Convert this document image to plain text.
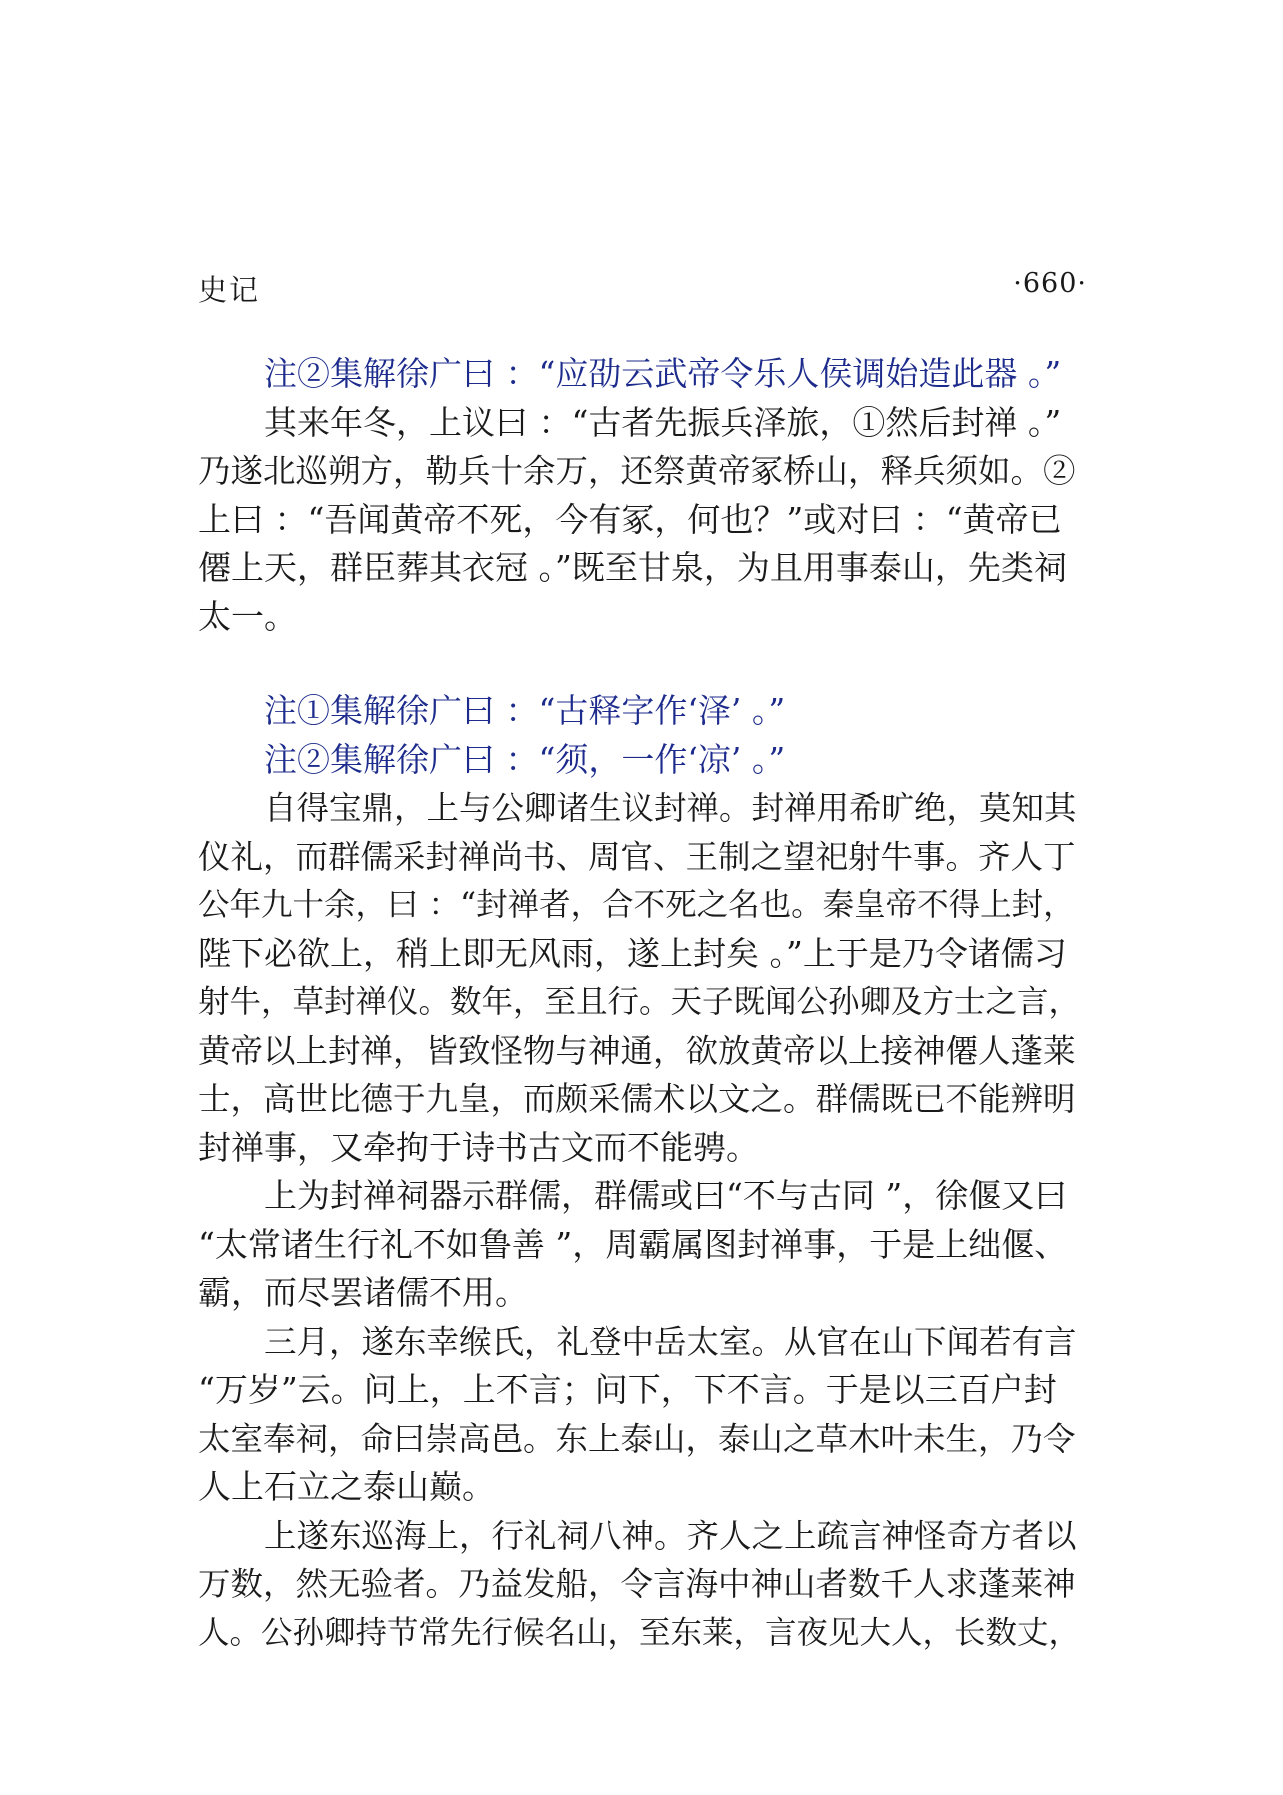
史记	·660·
注②集解徐广曰 ：“应劭云武帝令乐人侯调始造此器 。”
其来年冬，上议曰 ：“古者先振兵泽旅，①然后封禅 。”
乃遂北巡朔方，勒兵十余万，还祭黄帝冢桥山，释兵须如。②
上曰 ：“吾闻黄帝不死，今有冢，何也？”或对曰 ：“黄帝已
僊上天，群臣葬其衣冠 。”既至甘泉，为且用事泰山，先类祠
太一。
注①集解徐广曰 ：“古释字作‘泽’ 。”
注②集解徐广曰 ：“须，一作‘凉’ 。”
自得宝鼎，上与公卿诸生议封禅。封禅用希旷绝，莫知其
仪礼，而群儒采封禅尚书、周官、王制之望祀射牛事。齐人丁
公年九十余，曰 ：“封禅者，合不死之名也。秦皇帝不得上封，
陛下必欲上，稍上即无风雨，遂上封矣 。”上于是乃令诸儒习
射牛，草封禅仪。数年，至且行。天子既闻公孙卿及方士之言，
黄帝以上封禅，皆致怪物与神通，欲放黄帝以上接神僊人蓬莱
士，高世比德于九皇，而颇采儒术以文之。群儒既已不能辨明
封禅事，又牵拘于诗书古文而不能骋。
上为封禅祠器示群儒，群儒或曰“不与古同 ”，徐偃又曰
“太常诸生行礼不如鲁善 ”，周霸属图封禅事，于是上绌偃、
霸，而尽罢诸儒不用。
三月，遂东幸缑氏，礼登中岳太室。从官在山下闻若有言
“万岁”云。问上，上不言；问下，下不言。于是以三百户封
太室奉祠，命曰崇高邑。东上泰山，泰山之草木叶未生，乃令
人上石立之泰山巅。
上遂东巡海上，行礼祠八神。齐人之上疏言神怪奇方者以
万数，然无验者。乃益发船，令言海中神山者数千人求蓬莱神
人。公孙卿持节常先行候名山，至东莱，言夜见大人，长数丈，
